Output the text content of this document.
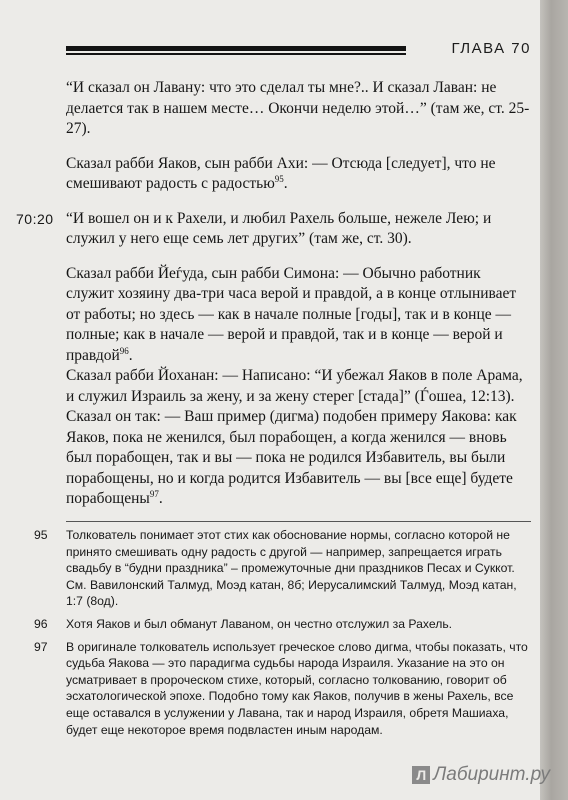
ГЛАВА 70

“И сказал он Лавану: что это сделал ты мне?.. И сказал Лаван: не делается так в нашем месте… Окончи неделю этой…” (там же, ст. 25-27).

Сказал рабби Яаков, сын рабби Ахи: — Отсюда [следует], что не смешивают радость с радостью$^{95}$.

70:20 “И вошел он и к Рахели, и любил Рахель больше, нежеле Лею; и служил у него еще семь лет других” (там же, ст. 30).

Сказал рабби Йеѓуда, сын рабби Симона: — Обычно работник служит хозяину два-три часа верой и правдой, а в конце отлынивает от работы; но здесь — как в начале полные [годы], так и в конце — полные; как в начале — верой и правдой, так и в конце — верой и правдой$^{96}$.

Сказал рабби Йоханан: — Написано: “И убежал Яаков в поле Арама, и служил Израиль за жену, и за жену стерег [стада]” (Ѓошеа, 12:13). Сказал он так: — Ваш пример (дигма) подобен примеру Яакова: как Яаков, пока не женился, был порабощен, а когда женился — вновь был порабощен, так и вы — пока не родился Избавитель, вы были порабощены, но и когда родится Избавитель — вы [все еще] будете порабощены$^{97}$.

95 Толкователь понимает этот стих как обоснование нормы, согласно которой не принято смешивать одну радость с другой — например, запрещается играть свадьбу в “будни праздника” – промежуточные дни праздников Песах и Суккот. См. Вавилонский Талмуд, Моэд катан, 8б; Иерусалимский Талмуд, Моэд катан, 1:7 (8од).
96 Хотя Яаков и был обманут Лаваном, он честно отслужил за Рахель.
97 В оригинале толкователь использует греческое слово дигма, чтобы показать, что судьба Яакова — это парадигма судьбы народа Израиля. Указание на это он усматривает в пророческом стихе, который, согласно толкованию, говорит об эсхатологической эпохе. Подобно тому как Яаков, получив в жены Рахель, все еще оставался в услужении у Лавана, так и народ Израиля, обретя Машиаха, будет еще некоторое время подвластен иным народам.
Л Лабиринт.ру
